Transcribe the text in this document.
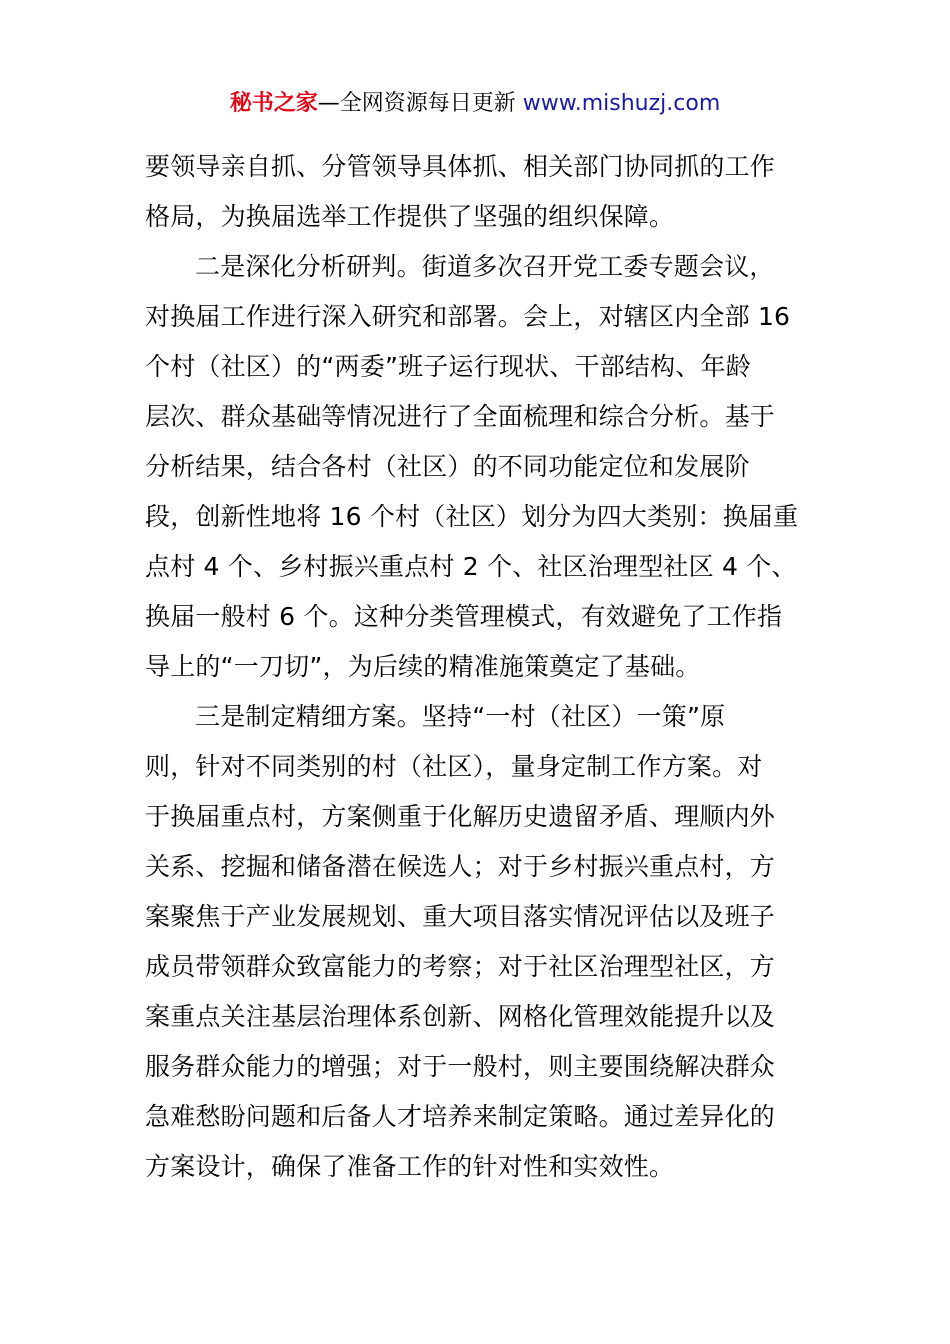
秘书之家—全网资源每日更新 www.mishuzj.com
要领导亲自抓、分管领导具体抓、相关部门协同抓的工作
格局，为换届选举工作提供了坚强的组织保障。
二是深化分析研判。街道多次召开党工委专题会议，
对换届工作进行深入研究和部署。会上，对辖区内全部 16
个村（社区）的“两委”班子运行现状、干部结构、年龄
层次、群众基础等情况进行了全面梳理和综合分析。基于
分析结果，结合各村（社区）的不同功能定位和发展阶
段，创新性地将 16 个村（社区）划分为四大类别：换届重
点村 4 个、乡村振兴重点村 2 个、社区治理型社区 4 个、
换届一般村 6 个。这种分类管理模式，有效避免了工作指
导上的“一刀切”，为后续的精准施策奠定了基础。
三是制定精细方案。坚持“一村（社区）一策”原
则，针对不同类别的村（社区），量身定制工作方案。对
于换届重点村，方案侧重于化解历史遗留矛盾、理顺内外
关系、挖掘和储备潜在候选人；对于乡村振兴重点村，方
案聚焦于产业发展规划、重大项目落实情况评估以及班子
成员带领群众致富能力的考察；对于社区治理型社区，方
案重点关注基层治理体系创新、网格化管理效能提升以及
服务群众能力的增强；对于一般村，则主要围绕解决群众
急难愁盼问题和后备人才培养来制定策略。通过差异化的
方案设计，确保了准备工作的针对性和实效性。
